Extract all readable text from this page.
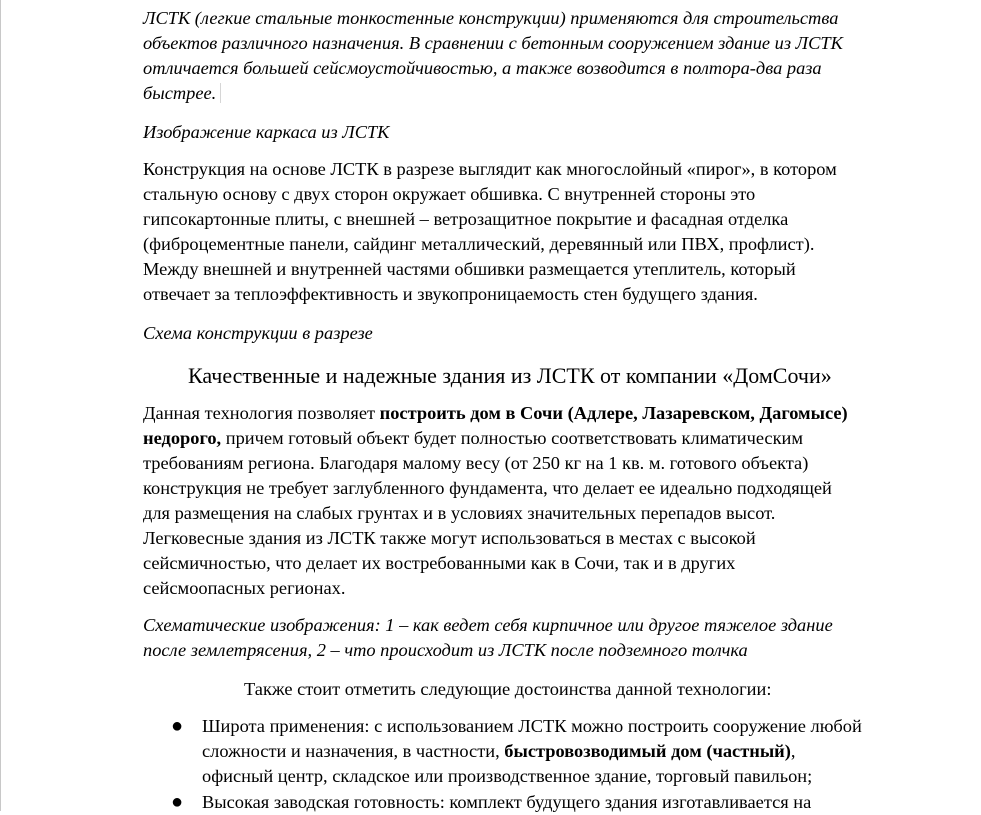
ЛСТК (легкие стальные тонкостенные конструкции) применяются для строительства
объектов различного назначения. В сравнении с бетонным сооружением здание из ЛСТК
отличается большей сейсмоустойчивостью, а также возводится в полтора-два раза
быстрее.
Изображение каркаса из ЛСТК
Конструкция на основе ЛСТК в разрезе выглядит как многослойный «пирог», в котором
стальную основу с двух сторон окружает обшивка. С внутренней стороны это
гипсокартонные плиты, с внешней – ветрозащитное покрытие и фасадная отделка
(фиброцементные панели, сайдинг металлический, деревянный или ПВХ, профлист).
Между внешней и внутренней частями обшивки размещается утеплитель, который
отвечает за теплоэффективность и звукопроницаемость стен будущего здания.
Схема конструкции в разрезе
Качественные и надежные здания из ЛСТК от компании «ДомСочи»
Данная технология позволяет построить дом в Сочи (Адлере, Лазаревском, Дагомысе)
недорого, причем готовый объект будет полностью соответствовать климатическим
требованиям региона. Благодаря малому весу (от 250 кг на 1 кв. м. готового объекта)
конструкция не требует заглубленного фундамента, что делает ее идеально подходящей
для размещения на слабых грунтах и в условиях значительных перепадов высот.
Легковесные здания из ЛСТК также могут использоваться в местах с высокой
сейсмичностью, что делает их востребованными как в Сочи, так и в других
сейсмоопасных регионах.
Схематические изображения: 1 – как ведет себя кирпичное или другое тяжелое здание
после землетрясения, 2 – что происходит из ЛСТК после подземного толчка
Также стоит отметить следующие достоинства данной технологии:
● Широта применения: с использованием ЛСТК можно построить сооружение любой
сложности и назначения, в частности, быстровозводимый дом (частный),
офисный центр, складское или производственное здание, торговый павильон;
● Высокая заводская готовность: комплект будущего здания изготавливается на
